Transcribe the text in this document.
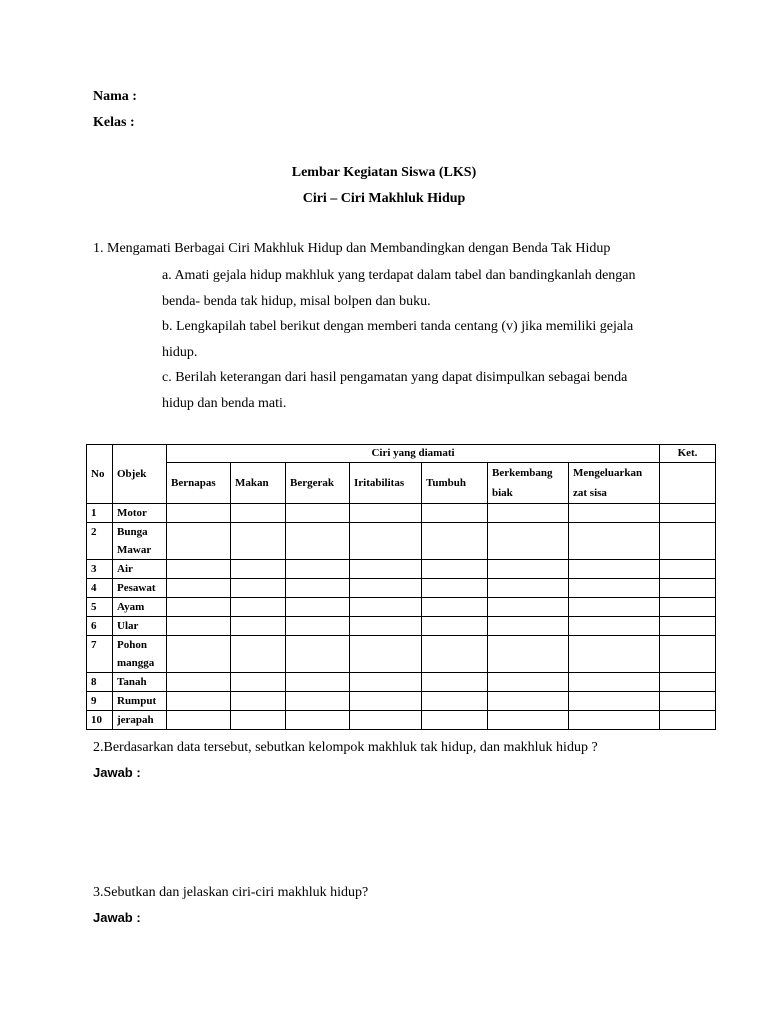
Nama :
Kelas :
Lembar Kegiatan Siswa (LKS)
Ciri – Ciri Makhluk Hidup
1. Mengamati Berbagai Ciri Makhluk Hidup dan Membandingkan dengan Benda Tak Hidup
a. Amati gejala hidup makhluk yang terdapat dalam tabel dan bandingkanlah dengan
benda- benda tak hidup, misal bolpen dan buku.
b. Lengkapilah tabel berikut dengan memberi tanda centang (v) jika memiliki gejala
hidup.
c. Berilah keterangan dari hasil pengamatan yang dapat disimpulkan sebagai benda
hidup dan benda mati.
No	Objek	Ciri yang diamati							Ket.
		Bernapas	Makan	Bergerak	Iritabilitas	Tumbuh	Berkembang biak	Mengeluarkan zat sisa	
1	Motor								
2	Bunga Mawar								
3	Air								
4	Pesawat								
5	Ayam								
6	Ular								
7	Pohon mangga								
8	Tanah								
9	Rumput								
10	jerapah								
2.Berdasarkan data tersebut, sebutkan kelompok makhluk tak hidup, dan makhluk hidup ?
Jawab :
3.Sebutkan dan jelaskan ciri-ciri makhluk hidup?
Jawab :
